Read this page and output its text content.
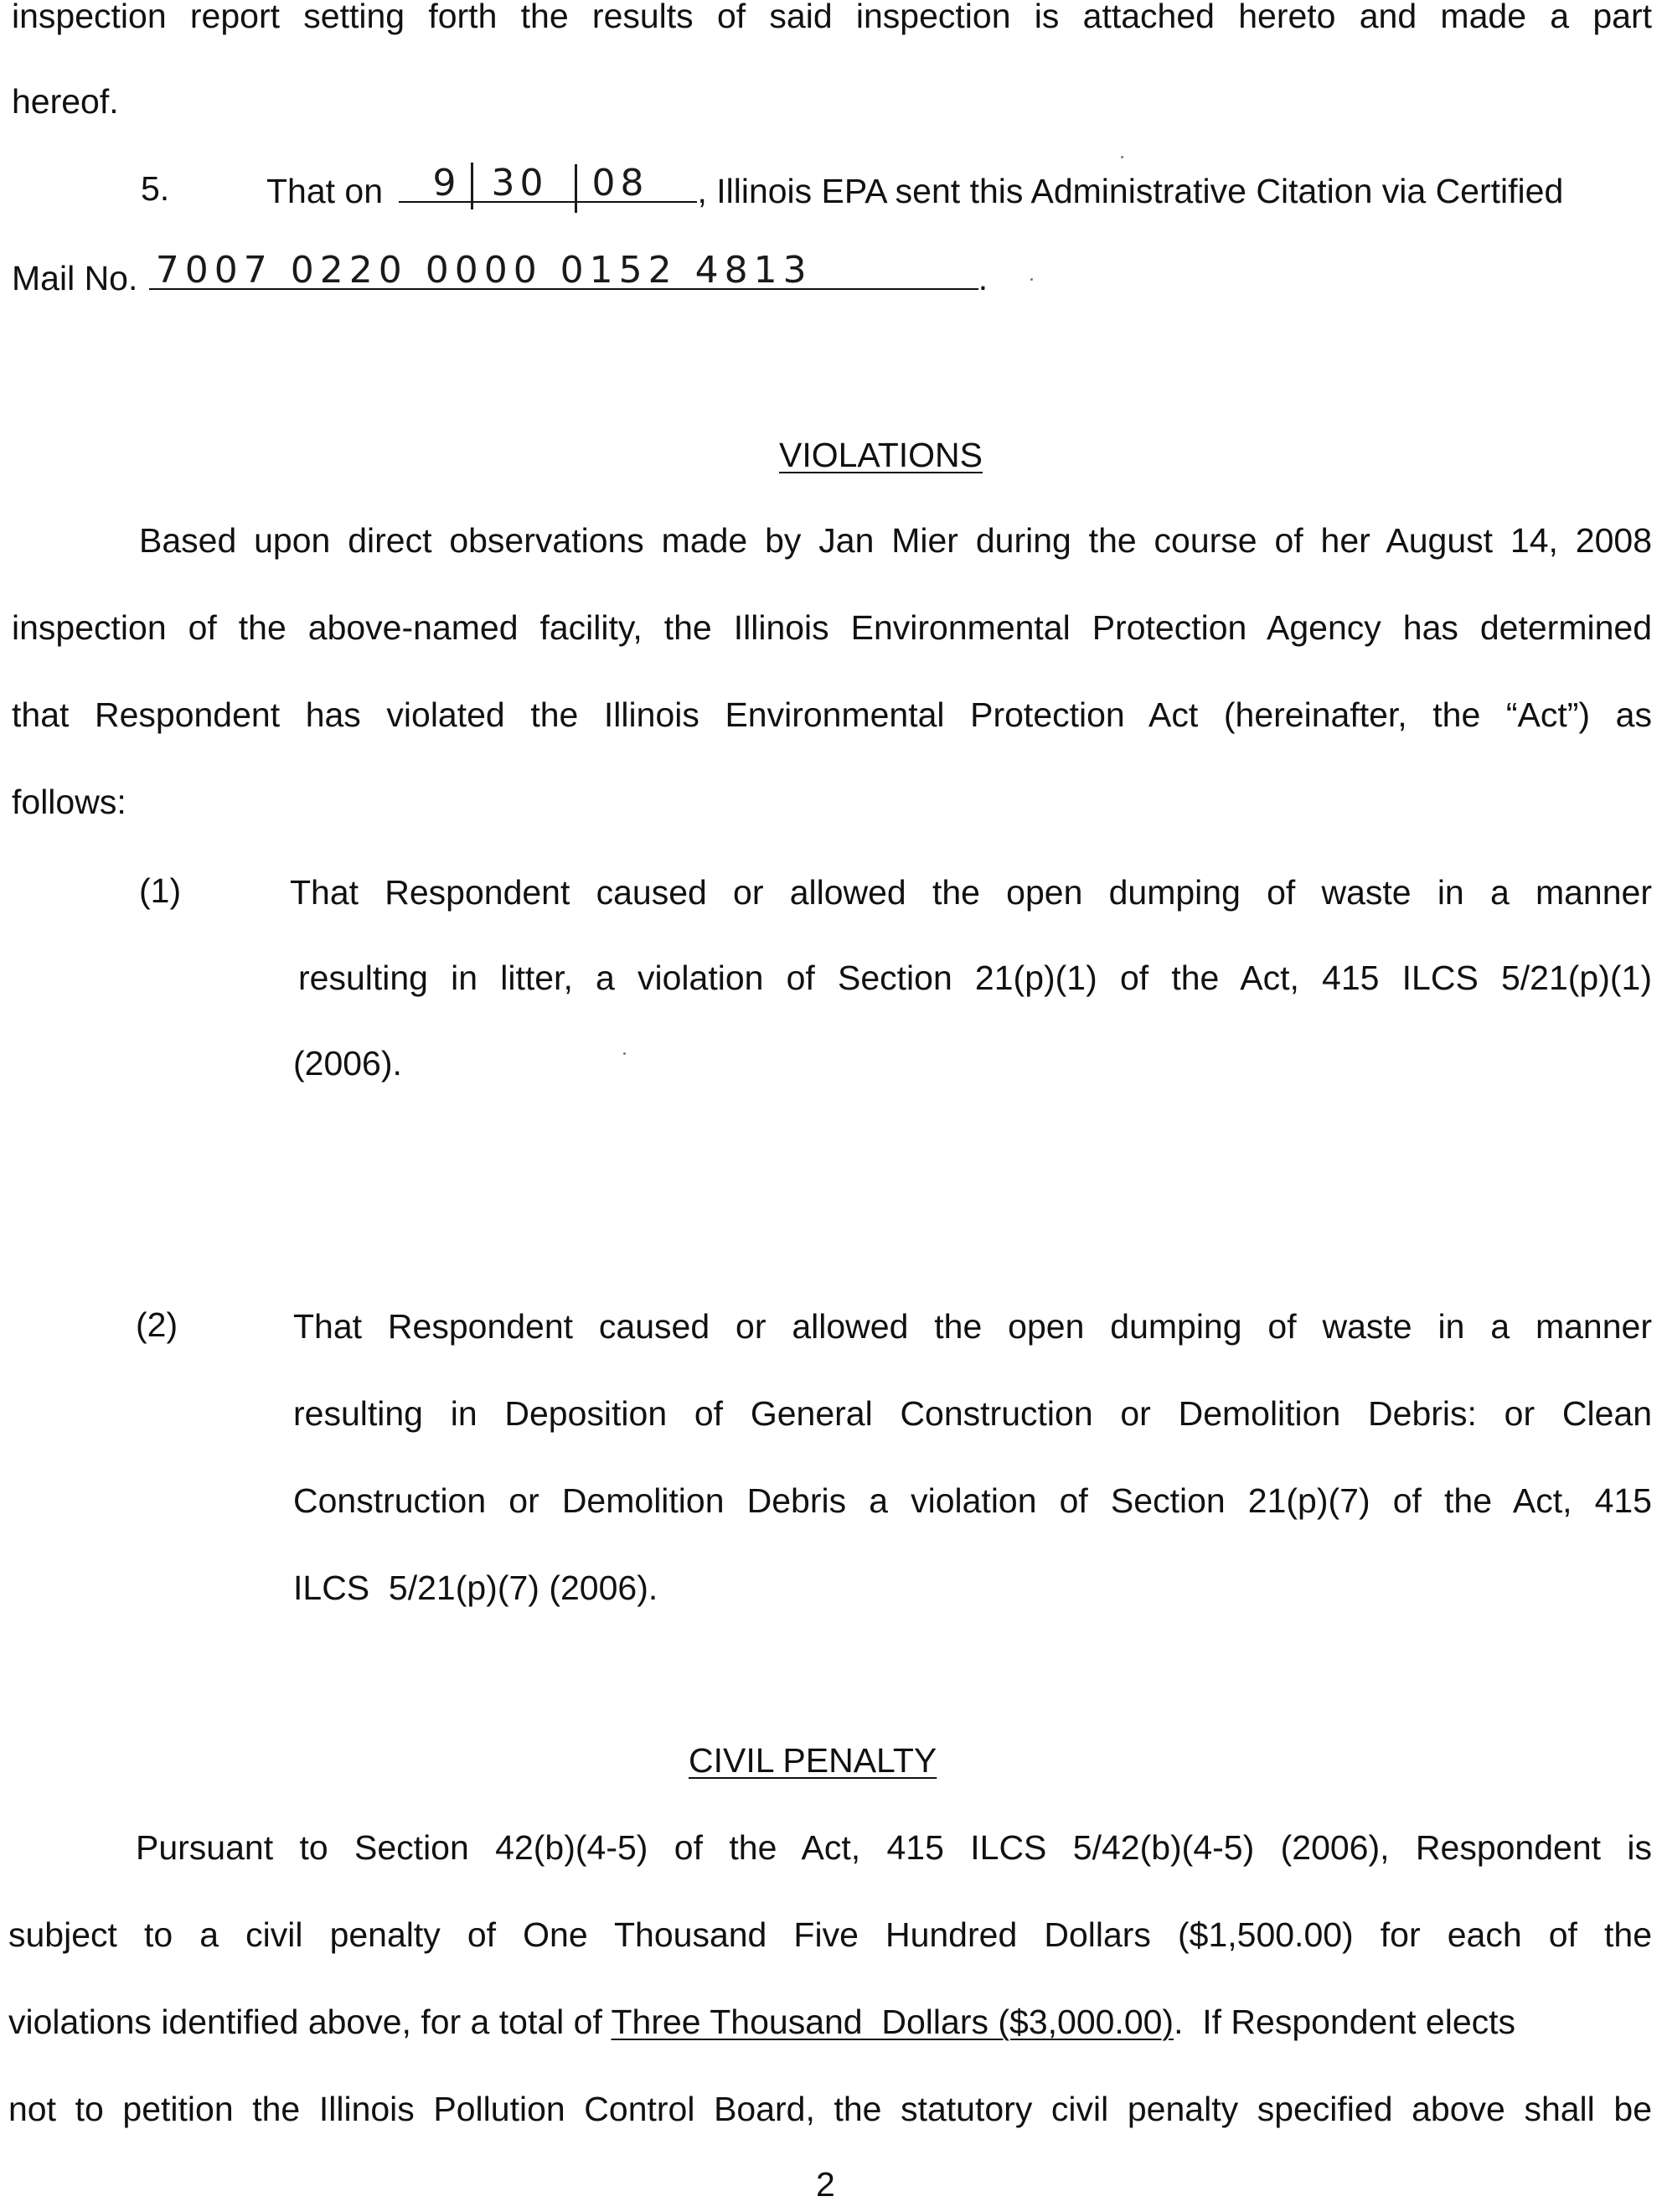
inspection report setting forth the results of said inspection is attached hereto and made a part
hereof.
5.	That on 9 30 08 , Illinois EPA sent this Administrative Citation via Certified
Mail No. 7007 0220 0000 0152 4813	.
VIOLATIONS
Based upon direct observations made by Jan Mier during the course of her August 14, 2008
inspection of the above-named facility, the Illinois Environmental Protection Agency has determined
that Respondent has violated the Illinois Environmental Protection Act (hereinafter, the “Act”) as
follows:
(1)	That Respondent caused or allowed the open dumping of waste in a manner
resulting in litter, a violation of Section 21(p)(1) of the Act, 415 ILCS 5/21(p)(1)
(2006).
(2)	That Respondent caused or allowed the open dumping of waste in a manner
resulting in Deposition of General Construction or Demolition Debris: or Clean
Construction or Demolition Debris a violation of Section 21(p)(7) of the Act, 415
ILCS  5/21(p)(7) (2006).
CIVIL PENALTY
Pursuant to Section 42(b)(4-5) of the Act, 415 ILCS 5/42(b)(4-5) (2006), Respondent is
subject to a civil penalty of One Thousand Five Hundred Dollars ($1,500.00) for each of the
violations identified above, for a total of Three Thousand  Dollars ($3,000.00).  If Respondent elects
not to petition the Illinois Pollution Control Board, the statutory civil penalty specified above shall be
2
